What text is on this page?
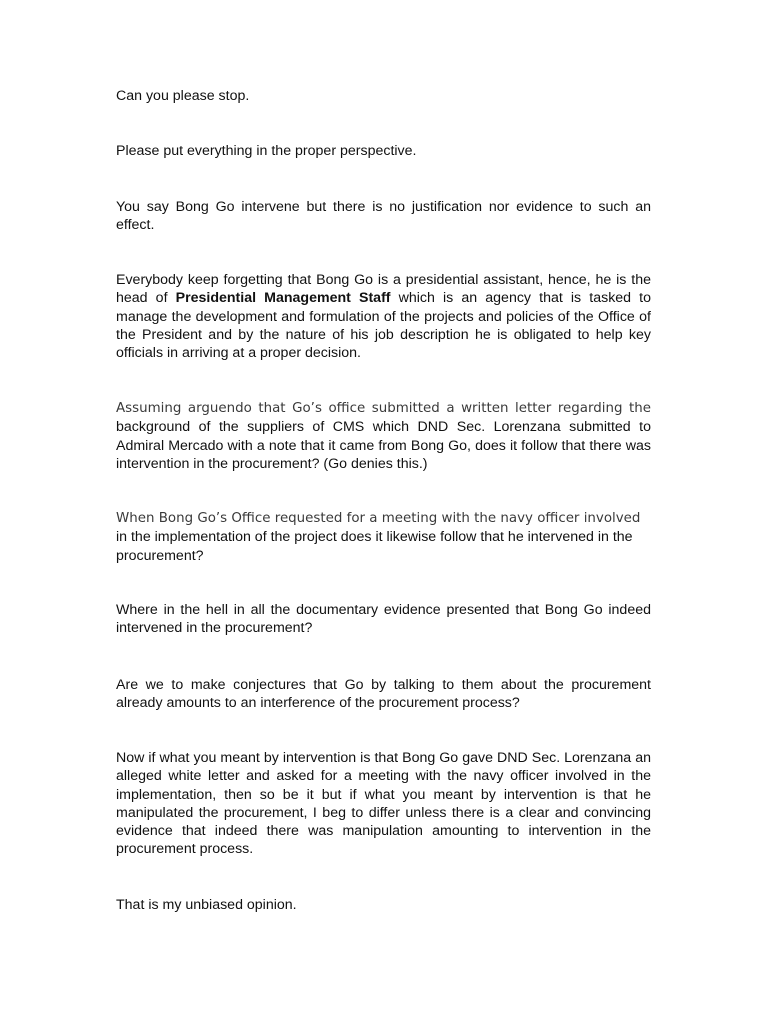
Can you please stop.

Please put everything in the proper perspective.

You say Bong Go intervene but there is no justification nor evidence to such an effect.

Everybody keep forgetting that Bong Go is a presidential assistant, hence, he is the head of Presidential Management Staff which is an agency that is tasked to manage the development and formulation of the projects and policies of the Office of the President and by the nature of his job description he is obligated to help key officials in arriving at a proper decision.

Assuming arguendo that Go’s office submitted a written letter regarding the background of the suppliers of CMS which DND Sec. Lorenzana submitted to Admiral Mercado with a note that it came from Bong Go, does it follow that there was intervention in the procurement? (Go denies this.)

When Bong Go’s Office requested for a meeting with the navy officer involved in the implementation of the project does it likewise follow that he intervened in the procurement?

Where in the hell in all the documentary evidence presented that Bong Go indeed intervened in the procurement?

Are we to make conjectures that Go by talking to them about the procurement already amounts to an interference of the procurement process?

Now if what you meant by intervention is that Bong Go gave DND Sec. Lorenzana an alleged white letter and asked for a meeting with the navy officer involved in the implementation, then so be it but if what you meant by intervention is that he manipulated the procurement, I beg to differ unless there is a clear and convincing evidence that indeed there was manipulation amounting to intervention in the procurement process.

That is my unbiased opinion.
